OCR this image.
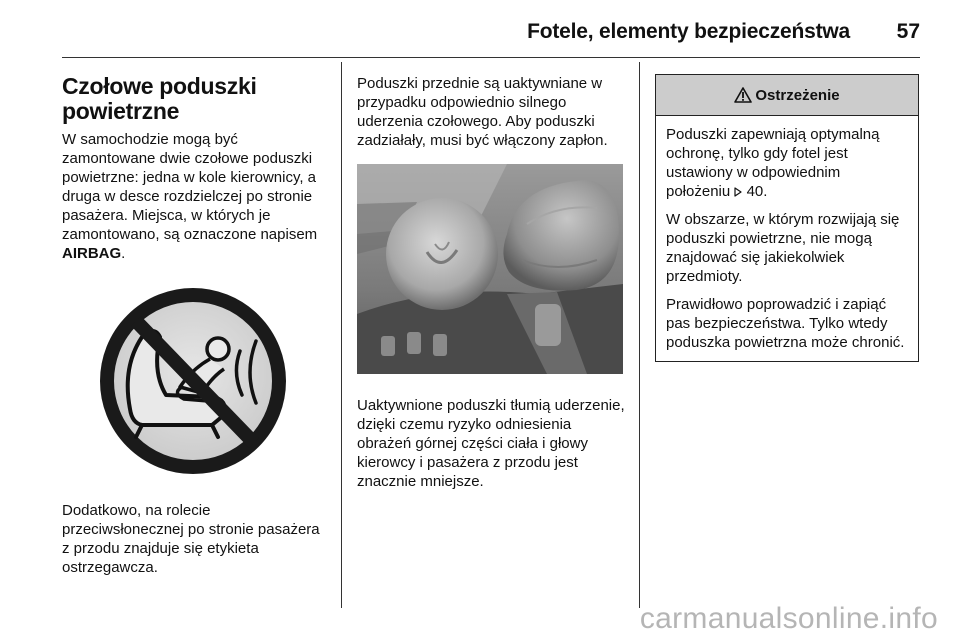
Fotele, elementy bezpieczeństwa 57
Czołowe poduszki powietrzne

W samochodzie mogą być zamontowane dwie czołowe poduszki powietrzne: jedna w kole kierownicy, a druga w desce rozdzielczej po stronie pasażera. Miejsca, w których je zamontowano, są oznaczone napisem AIRBAG.

Dodatkowo, na rolecie przeciwsłonecznej po stronie pasażera z przodu znajduje się etykieta ostrzegawcza.

Poduszki przednie są uaktywniane w przypadku odpowiednio silnego uderzenia czołowego. Aby poduszki zadziałały, musi być włączony zapłon.

Uaktywnione poduszki tłumią uderzenie, dzięki czemu ryzyko odniesienia obrażeń górnej części ciała i głowy kierowcy i pasażera z przodu jest znacznie mniejsze.

Ostrzeżenie

Poduszki zapewniają optymalną ochronę, tylko gdy fotel jest ustawiony w odpowiednim położeniu  40.

W obszarze, w którym rozwijają się poduszki powietrzne, nie mogą znajdować się jakiekolwiek przedmioty.

Prawidłowo poprowadzić i zapiąć pas bezpieczeństwa. Tylko wtedy poduszka powietrzna może chronić.

carmanualsonline.info
